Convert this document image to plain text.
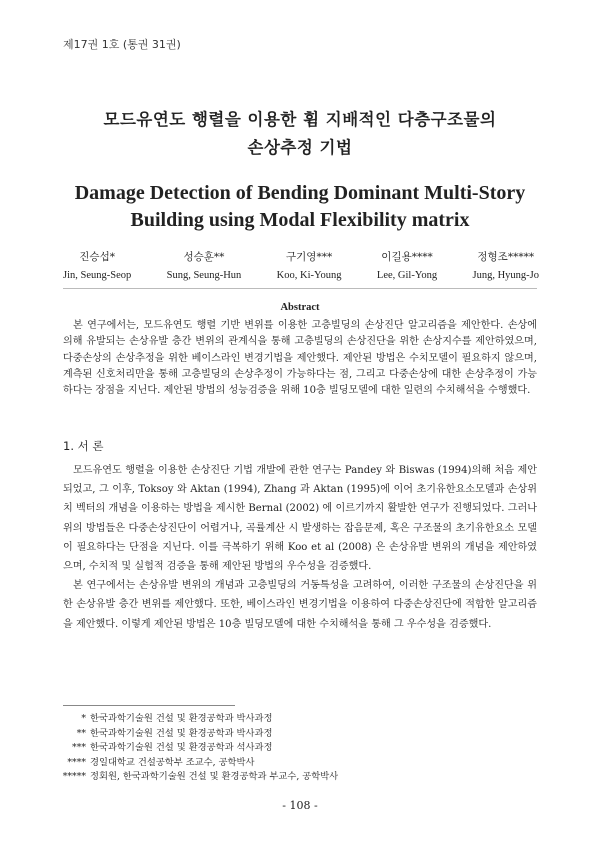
제17권 1호 (통권 31권)
모드유연도 행렬을 이용한 휨 지배적인 다층구조물의
손상추정 기법
Damage Detection of Bending Dominant Multi-Story
Building using Modal Flexibility matrix
진승섭*
Jin, Seung-Seop
성승훈**
Sung, Seung-Hun
구기영***
Koo, Ki-Young
이길용****
Lee, Gil-Yong
정형조*****
Jung, Hyung-Jo
Abstract
본 연구에서는, 모드유연도 행렬 기반 변위를 이용한 고층빌딩의 손상진단 알고리즘을 제안한다. 손상에 의해 유발되는 손상유발 층간 변위의 관계식을 통해 고층빌딩의 손상진단을 위한 손상지수를 제안하였으며, 다중손상의 손상추정을 위한 베이스라인 변경기법을 제안했다. 제안된 방법은 수치모델이 필요하지 않으며, 계측된 신호처리만을 통해 고층빌딩의 손상추정이 가능하다는 점, 그리고 다중손상에 대한 손상추정이 가능하다는 장점을 지닌다. 제안된 방법의 성능검증을 위해 10층 빌딩모델에 대한 일련의 수치해석을 수행했다.
1. 서 론

모드유연도 행렬을 이용한 손상진단 기법 개발에 관한 연구는 Pandey 와 Biswas (1994)의해 처음 제안되었고, 그 이후, Toksoy 와 Aktan (1994), Zhang 과 Aktan (1995)에 이어 초기유한요소모델과 손상위치 벡터의 개념을 이용하는 방법을 제시한 Bernal (2002) 에 이르기까지 활발한 연구가 진행되었다. 그러나 위의 방법들은 다중손상진단이 어렵거나, 곡률계산 시 발생하는 잡음문제, 혹은 구조물의 초기유한요소 모델이 필요하다는 단점을 지닌다. 이를 극복하기 위해 Koo et al (2008) 은 손상유발 변위의 개념을 제안하였으며, 수치적 및 실험적 검증을 통해 제안된 방법의 우수성을 검증했다.

본 연구에서는 손상유발 변위의 개념과 고층빌딩의 거동특성을 고려하여, 이러한 구조물의 손상진단을 위한 손상유발 층간 변위를 제안했다. 또한, 베이스라인 변경기법을 이용하여 다중손상진단에 적합한 알고리즘을 제안했다. 이렇게 제안된 방법은 10층 빌딩모델에 대한 수치해석을 통해 그 우수성을 검증했다.

* 한국과학기술원 건설 및 환경공학과 박사과정
** 한국과학기술원 건설 및 환경공학과 박사과정
*** 한국과학기술원 건설 및 환경공학과 석사과정
**** 경일대학교 건설공학부 조교수, 공학박사
***** 정회원, 한국과학기술원 건설 및 환경공학과 부교수, 공학박사
- 108 -
